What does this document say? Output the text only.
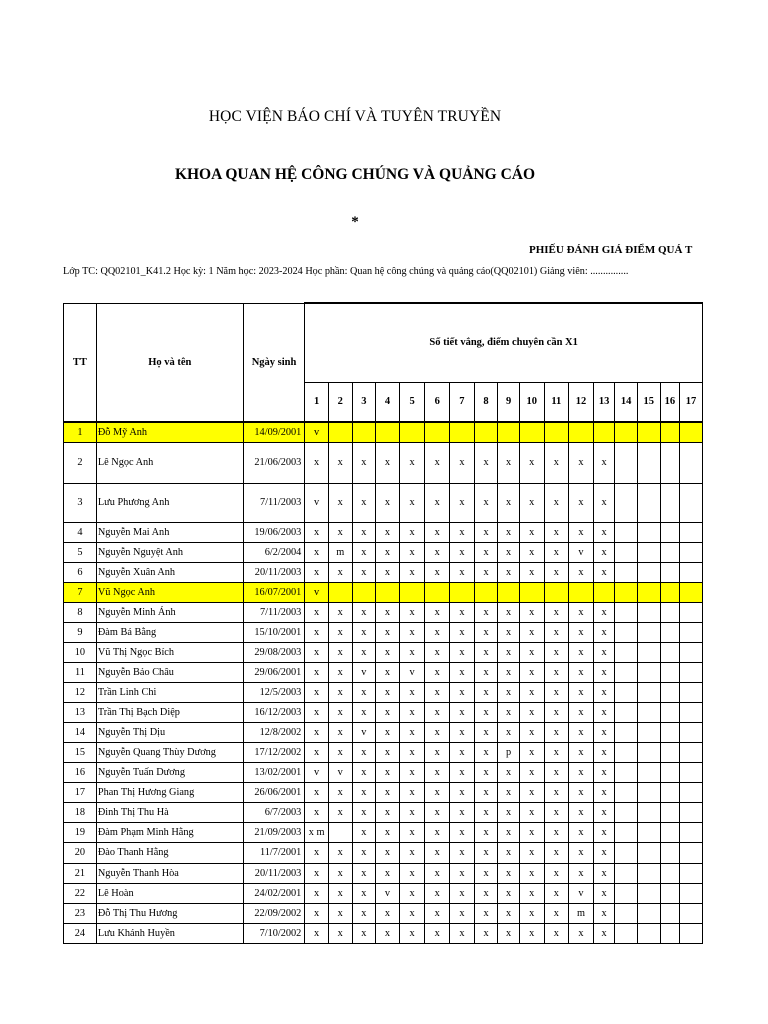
HỌC VIỆN BÁO CHÍ VÀ TUYÊN TRUYỀN
KHOA QUAN HỆ CÔNG CHÚNG VÀ QUẢNG CÁO
*
PHIẾU ĐÁNH GIÁ ĐIỂM QUÁ T
Lớp TC: QQ02101_K41.2 Học kỳ: 1 Năm học: 2023-2024 Học phần: Quan hệ công chúng và quảng cáo(QQ02101) Giảng viên: ...............
TT	Họ và tên	Ngày sinh	Số tiết vắng, điểm chuyên cần X1																
			1	2	3	4	5	6	7	8	9	10	11	12	13	14	15	16	17
1	Đỗ Mỹ Anh	14/09/2001	v																
2	Lê Ngọc Anh	21/06/2003	x	x	x	x	x	x	x	x	x	x	x	x	x				
3	Lưu Phương Anh	7/11/2003	v	x	x	x	x	x	x	x	x	x	x	x	x				
4	Nguyễn Mai Anh	19/06/2003	x	x	x	x	x	x	x	x	x	x	x	x	x				
5	Nguyễn Nguyệt Anh	6/2/2004	x	m	x	x	x	x	x	x	x	x	x	v	x				
6	Nguyễn Xuân Anh	20/11/2003	x	x	x	x	x	x	x	x	x	x	x	x	x				
7	Vũ Ngọc Anh	16/07/2001	v																
8	Nguyễn Minh Ánh	7/11/2003	x	x	x	x	x	x	x	x	x	x	x	x	x				
9	Đàm Bá Bằng	15/10/2001	x	x	x	x	x	x	x	x	x	x	x	x	x				
10	Vũ Thị Ngọc Bích	29/08/2003	x	x	x	x	x	x	x	x	x	x	x	x	x				
11	Nguyễn Bảo Châu	29/06/2001	x	x	v	x	v	x	x	x	x	x	x	x	x				
12	Trần Linh Chi	12/5/2003	x	x	x	x	x	x	x	x	x	x	x	x	x				
13	Trần Thị Bạch Diệp	16/12/2003	x	x	x	x	x	x	x	x	x	x	x	x	x				
14	Nguyễn Thị Dịu	12/8/2002	x	x	v	x	x	x	x	x	x	x	x	x	x				
15	Nguyễn Quang Thùy Dương	17/12/2002	x	x	x	x	x	x	x	x	p	x	x	x	x				
16	Nguyễn Tuấn Dương	13/02/2001	v	v	x	x	x	x	x	x	x	x	x	x	x				
17	Phan Thị Hương Giang	26/06/2001	x	x	x	x	x	x	x	x	x	x	x	x	x				
18	Đinh Thị Thu Hà	6/7/2003	x	x	x	x	x	x	x	x	x	x	x	x	x				
19	Đàm Phạm Minh Hằng	21/09/2003	x m		x	x	x	x	x	x	x	x	x	x	x				
20	Đào Thanh Hằng	11/7/2001	x	x	x	x	x	x	x	x	x	x	x	x	x				
21	Nguyễn Thanh Hòa	20/11/2003	x	x	x	x	x	x	x	x	x	x	x	x	x				
22	Lê Hoàn	24/02/2001	x	x	x	v	x	x	x	x	x	x	x	v	x				
23	Đỗ Thị Thu Hương	22/09/2002	x	x	x	x	x	x	x	x	x	x	x	m	x				
24	Lưu Khánh Huyền	7/10/2002	x	x	x	x	x	x	x	x	x	x	x	x	x				
